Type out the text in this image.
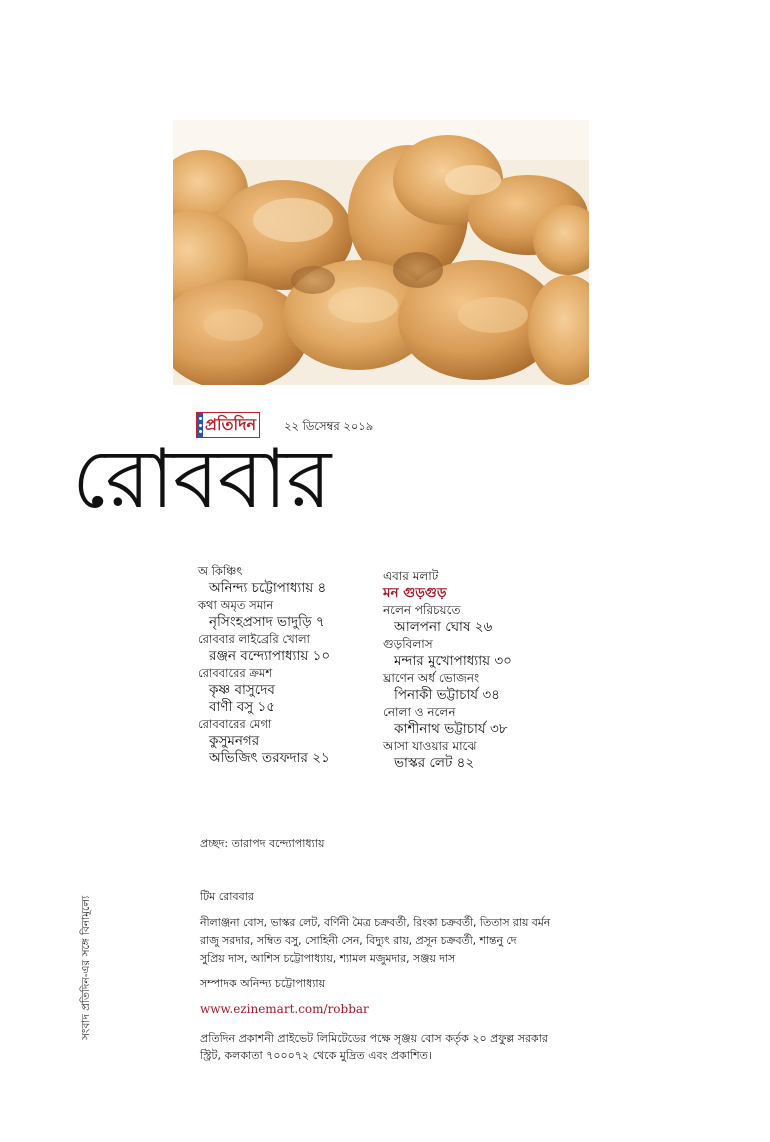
প্রতিদিন ২২ ডিসেম্বর ২০১৯
রোববার
অ কিঞ্চিৎ
অনিন্দ্য চট্টোপাধ্যায় ৪
কথা অমৃত সমান
নৃসিংহপ্রসাদ ভাদুড়ি ৭
রোববার লাইব্রেরি খোলা
রঞ্জন বন্দ্যোপাধ্যায় ১০
রোববারের ক্রমশ
কৃষ্ণ বাসুদেব
বাণী বসু ১৫
রোববারের মেগা
কুসুমনগর
অভিজিৎ তরফদার ২১
এবার মলাট
মন গুড়গুড়
নলেন পরিচয়তে
আলপনা ঘোষ ২৬
গুড়বিলাস
মন্দার মুখোপাধ্যায় ৩০
ঘ্রাণেন অর্ধ ভোজনং
পিনাকী ভট্টাচার্য ৩৪
নোলা ও নলেন
কাশীনাথ ভট্টাচার্য ৩৮
আসা যাওয়ার মাঝে
ভাস্কর লেট ৪২
প্রচ্ছদ: তারাপদ বন্দ্যোপাধ্যায়
টিম রোববার
নীলাঞ্জনা বোস, ভাস্কর লেট, বর্ণিনী মৈত্র চক্রবর্তী, রিংকা চক্রবর্তী, তিতাস রায় বর্মন
রাজু সরদার, সম্বিত বসু, সোহিনী সেন, বিদ্যুৎ রায়, প্রসূন চক্রবর্তী, শান্তনু দে
সুপ্রিয় দাস, আশিস চট্টোপাধ্যায়, শ্যামল মজুমদার, সঞ্জয় দাস
সম্পাদক অনিন্দ্য চট্টোপাধ্যায়
www.ezinemart.com/robbar
প্রতিদিন প্রকাশনী প্রাইভেট লিমিটেডের পক্ষে সৃঞ্জয় বোস কর্তৃক ২০ প্রফুল্ল সরকার
স্ট্রিট, কলকাতা ৭০০০৭২ থেকে মুদ্রিত এবং প্রকাশিত।
সংবাদ প্রতিদিন-এর সঙ্গে বিনামূল্যে
